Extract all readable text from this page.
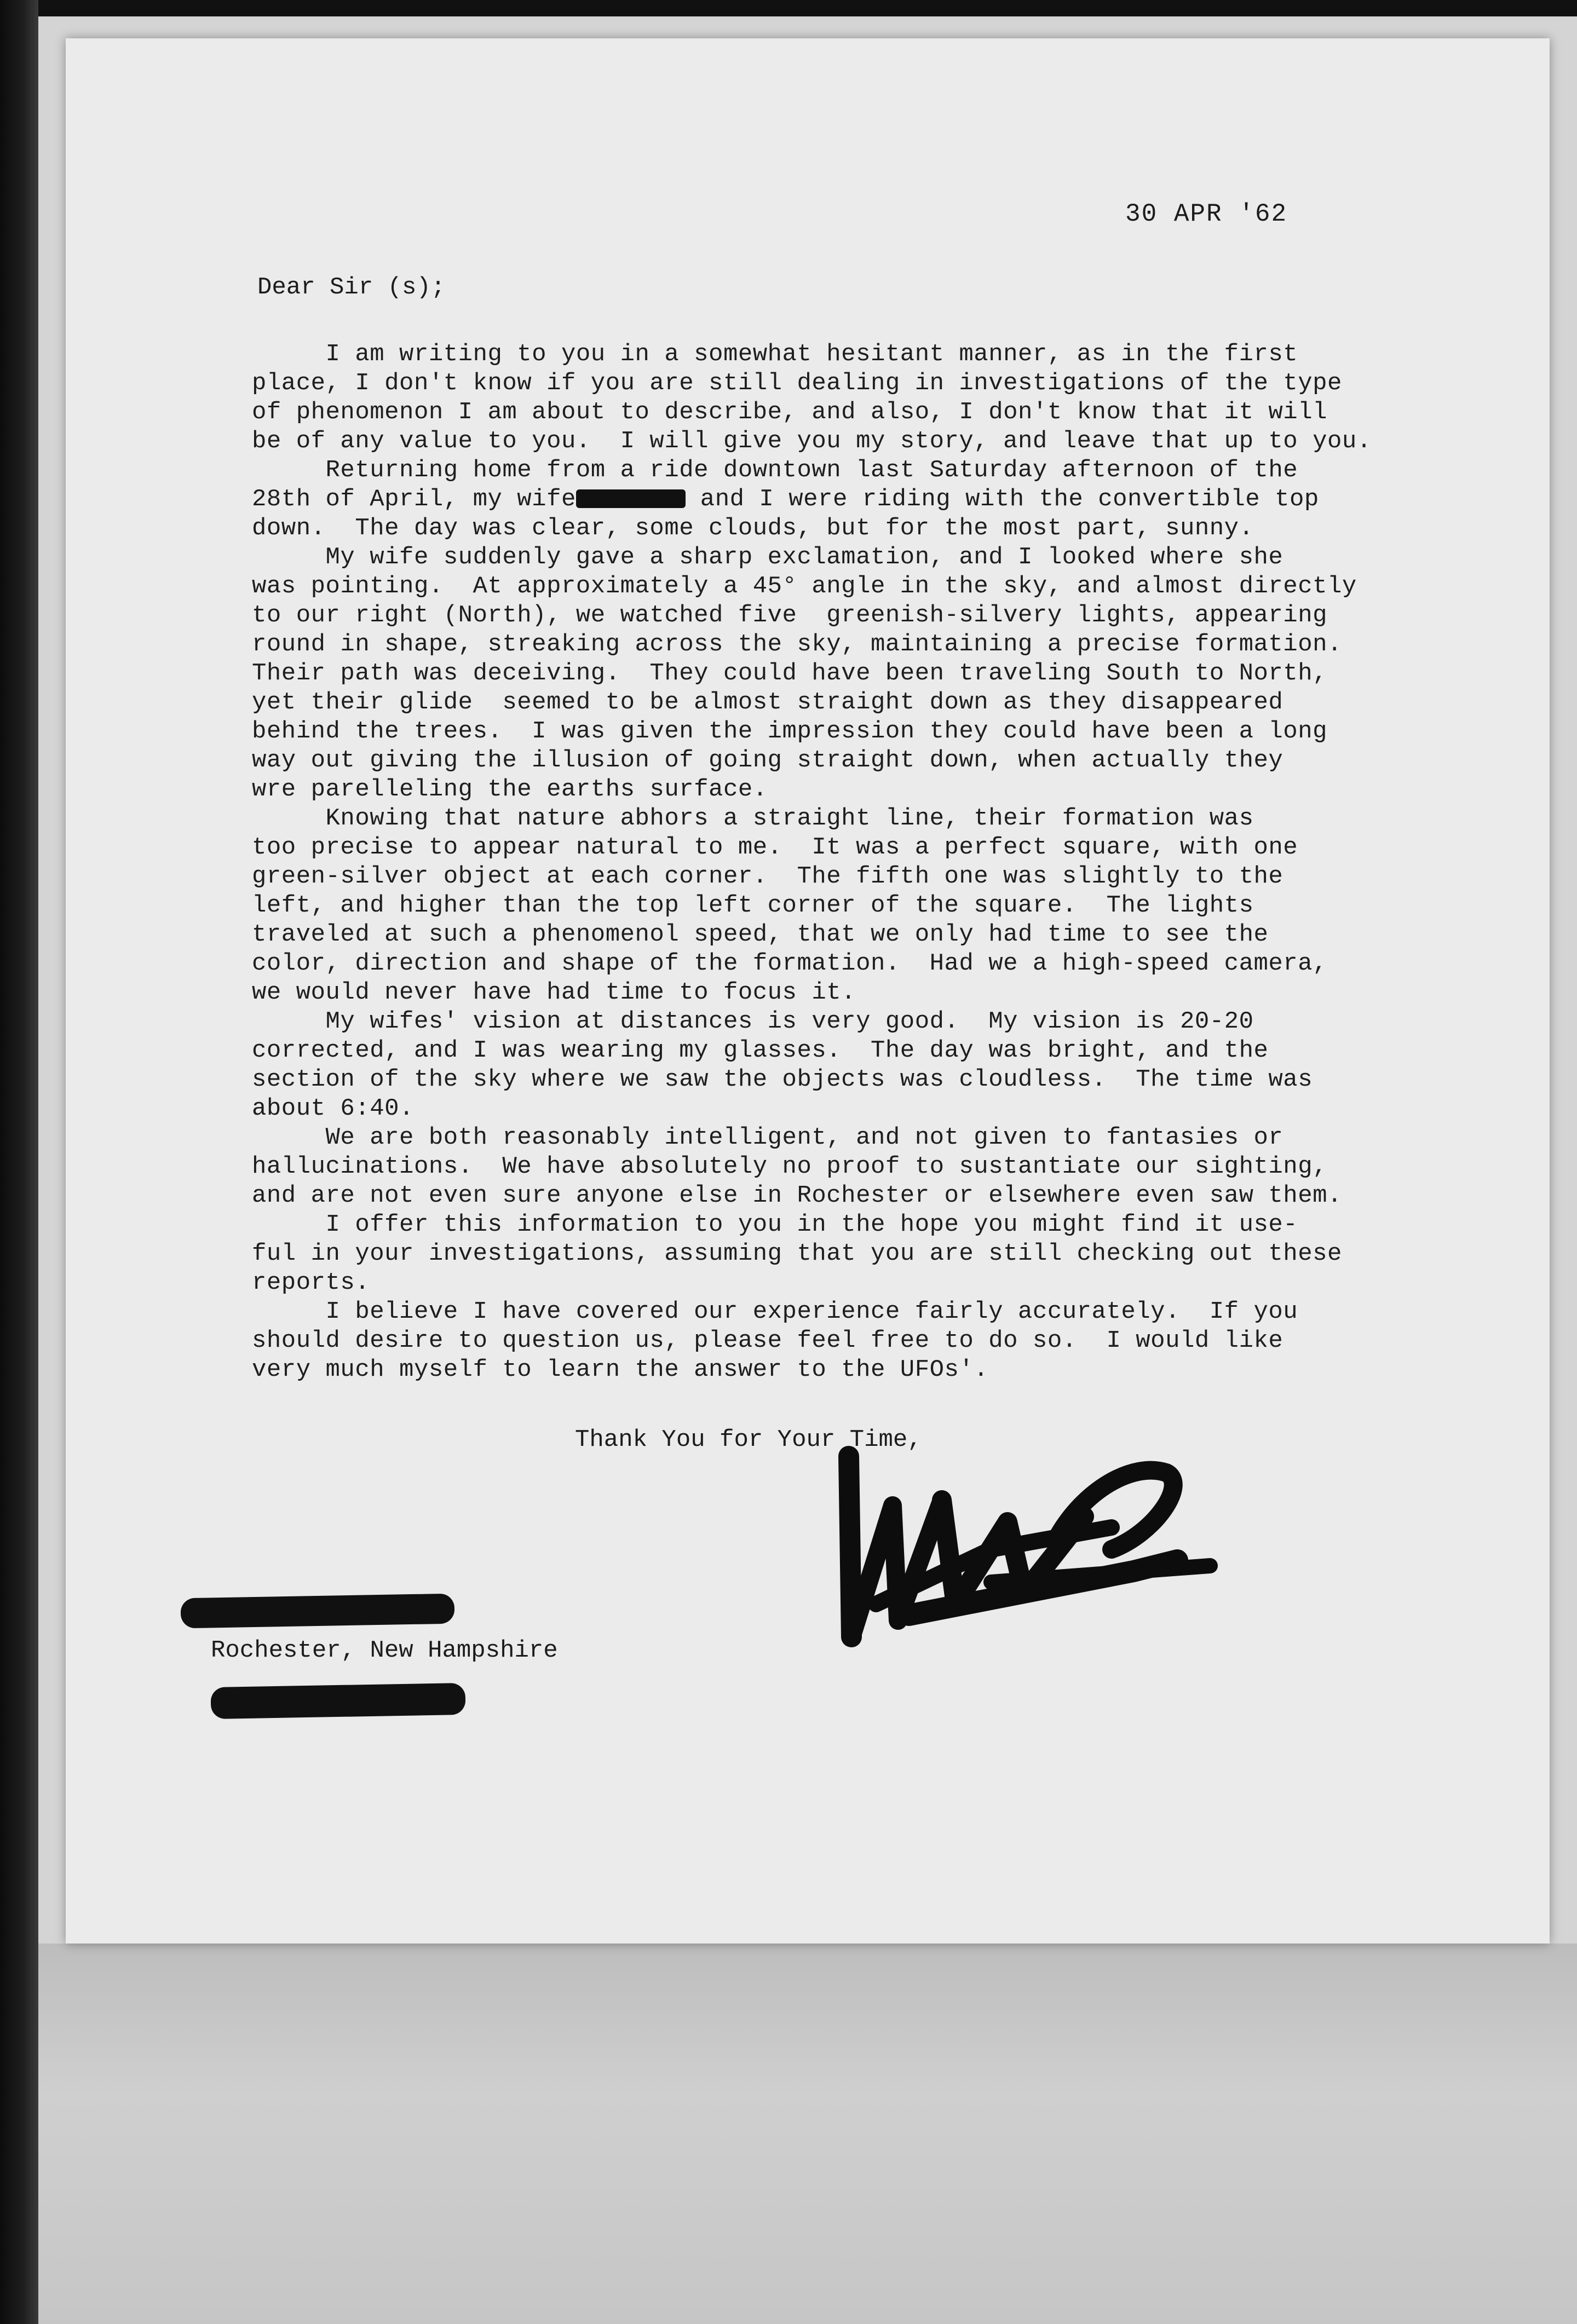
30 APR '62
Dear Sir (s);
I am writing to you in a somewhat hesitant manner, as in the first
place, I don't know if you are still dealing in investigations of the type
of phenomenon I am about to describe, and also, I don't know that it will
be of any value to you.  I will give you my story, and leave that up to you.
Returning home from a ride downtown last Saturday afternoon of the
28th of April, my wife	and I were riding with the convertible top
down.  The day was clear, some clouds, but for the most part, sunny.
My wife suddenly gave a sharp exclamation, and I looked where she
was pointing.  At approximately a 45° angle in the sky, and almost directly
to our right (North), we watched five  greenish-silvery lights, appearing
round in shape, streaking across the sky, maintaining a precise formation.
Their path was deceiving.  They could have been traveling South to North,
yet their glide  seemed to be almost straight down as they disappeared
behind the trees.  I was given the impression they could have been a long
way out giving the illusion of going straight down, when actually they
wre parelleling the earths surface.
Knowing that nature abhors a straight line, their formation was
too precise to appear natural to me.  It was a perfect square, with one
green-silver object at each corner.  The fifth one was slightly to the
left, and higher than the top left corner of the square.  The lights
traveled at such a phenomenol speed, that we only had time to see the
color, direction and shape of the formation.  Had we a high-speed camera,
we would never have had time to focus it.
My wifes' vision at distances is very good.  My vision is 20-20
corrected, and I was wearing my glasses.  The day was bright, and the
section of the sky where we saw the objects was cloudless.  The time was
about 6:40.
We are both reasonably intelligent, and not given to fantasies or
hallucinations.  We have absolutely no proof to sustantiate our sighting,
and are not even sure anyone else in Rochester or elsewhere even saw them.
I offer this information to you in the hope you might find it use-
ful in your investigations, assuming that you are still checking out these
reports.
I believe I have covered our experience fairly accurately.  If you
should desire to question us, please feel free to do so.  I would like
very much myself to learn the answer to the UFOs'.
Thank You for Your Time,
Rochester, New Hampshire
